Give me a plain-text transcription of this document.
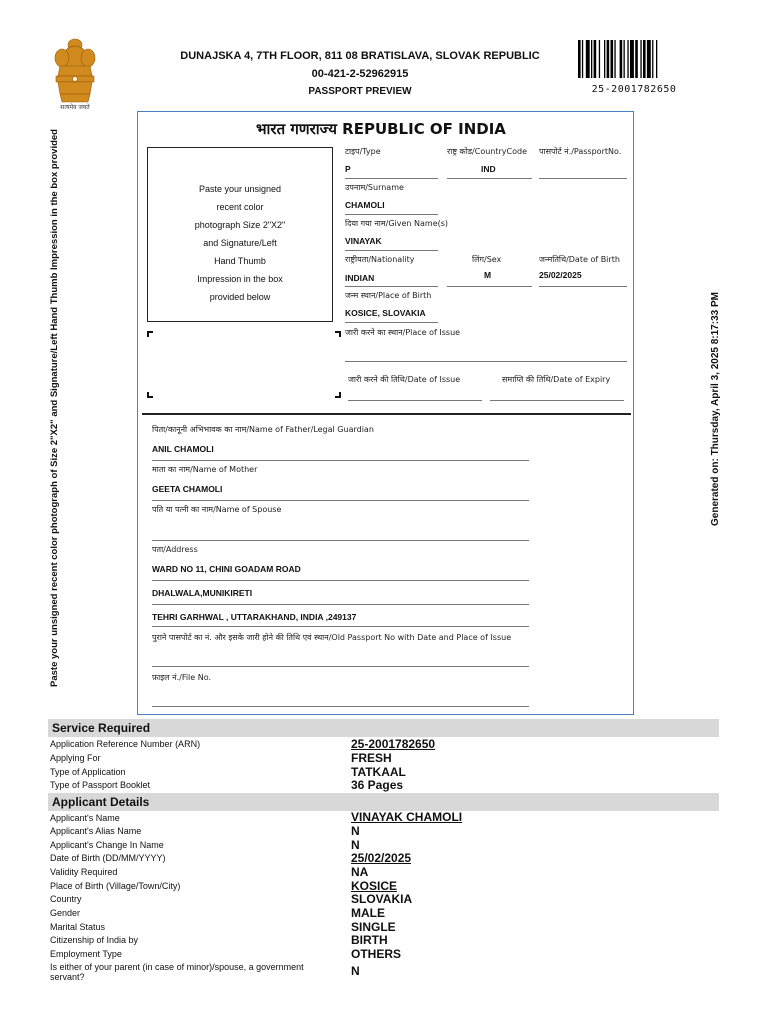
सत्यमेव जयते
DUNAJSKA 4, 7TH FLOOR, 811 08 BRATISLAVA, SLOVAK REPUBLIC
00-421-2-52962915
PASSPORT PREVIEW	25-2001782650
Paste your unsigned recent color photograph of Size 2"X2" and Signature/Left Hand Thumb Impression in the box provided	Generated on: Thursday, April 3, 2025 8:17:33 PM
भारत गणराज्य REPUBLIC OF INDIA
Paste your unsigned
recent color
photograph Size 2"X2"
and Signature/Left
Hand Thumb
Impression in the box
provided below
टाइप/Type	राष्ट्र कोड/CountryCode पासपोर्ट नं./PassportNo.
P	IND
उपनाम/Surname
CHAMOLI
दिया गया नाम/Given Name(s)
VINAYAK
राष्ट्रीयता/Nationality	लिंग/Sex	जन्मतिथि/Date of Birth
INDIAN	M	25/02/2025
जन्म स्थान/Place of Birth
KOSICE, SLOVAKIA
जारी करने का स्थान/Place of Issue
जारी करने की तिथि/Date of Issue	समाप्ति की तिथि/Date of Expiry
पिता/कानूनी अभिभावक का नाम/Name of Father/Legal Guardian
ANIL CHAMOLI
माता का नाम/Name of Mother
GEETA CHAMOLI
पति या पत्नी का नाम/Name of Spouse
पता/Address
WARD NO 11, CHINI GOADAM ROAD
DHALWALA,MUNIKIRETI
TEHRI GARHWAL , UTTARAKHAND, INDIA ,249137
पुराने पासपोर्ट का नं. और इसके जारी होने की तिथि एवं स्थान/Old Passport No with Date and Place of Issue
फ़ाइल नं./File No.
Service Required
Application Reference Number (ARN)	25-2001782650
Applying For	FRESH
Type of Application	TATKAAL
Type of Passport Booklet	36 Pages
Applicant Details
Applicant's Name	VINAYAK CHAMOLI
Applicant's Alias Name	N
Applicant's Change In Name	N
Date of Birth (DD/MM/YYYY)	25/02/2025
Validity Required	NA
Place of Birth (Village/Town/City)	KOSICE
Country	SLOVAKIA
Gender	MALE
Marital Status	SINGLE
Citizenship of India by	BIRTH
Employment Type	OTHERS
Is either of your parent (in case of minor)/spouse, a government servant?	N
